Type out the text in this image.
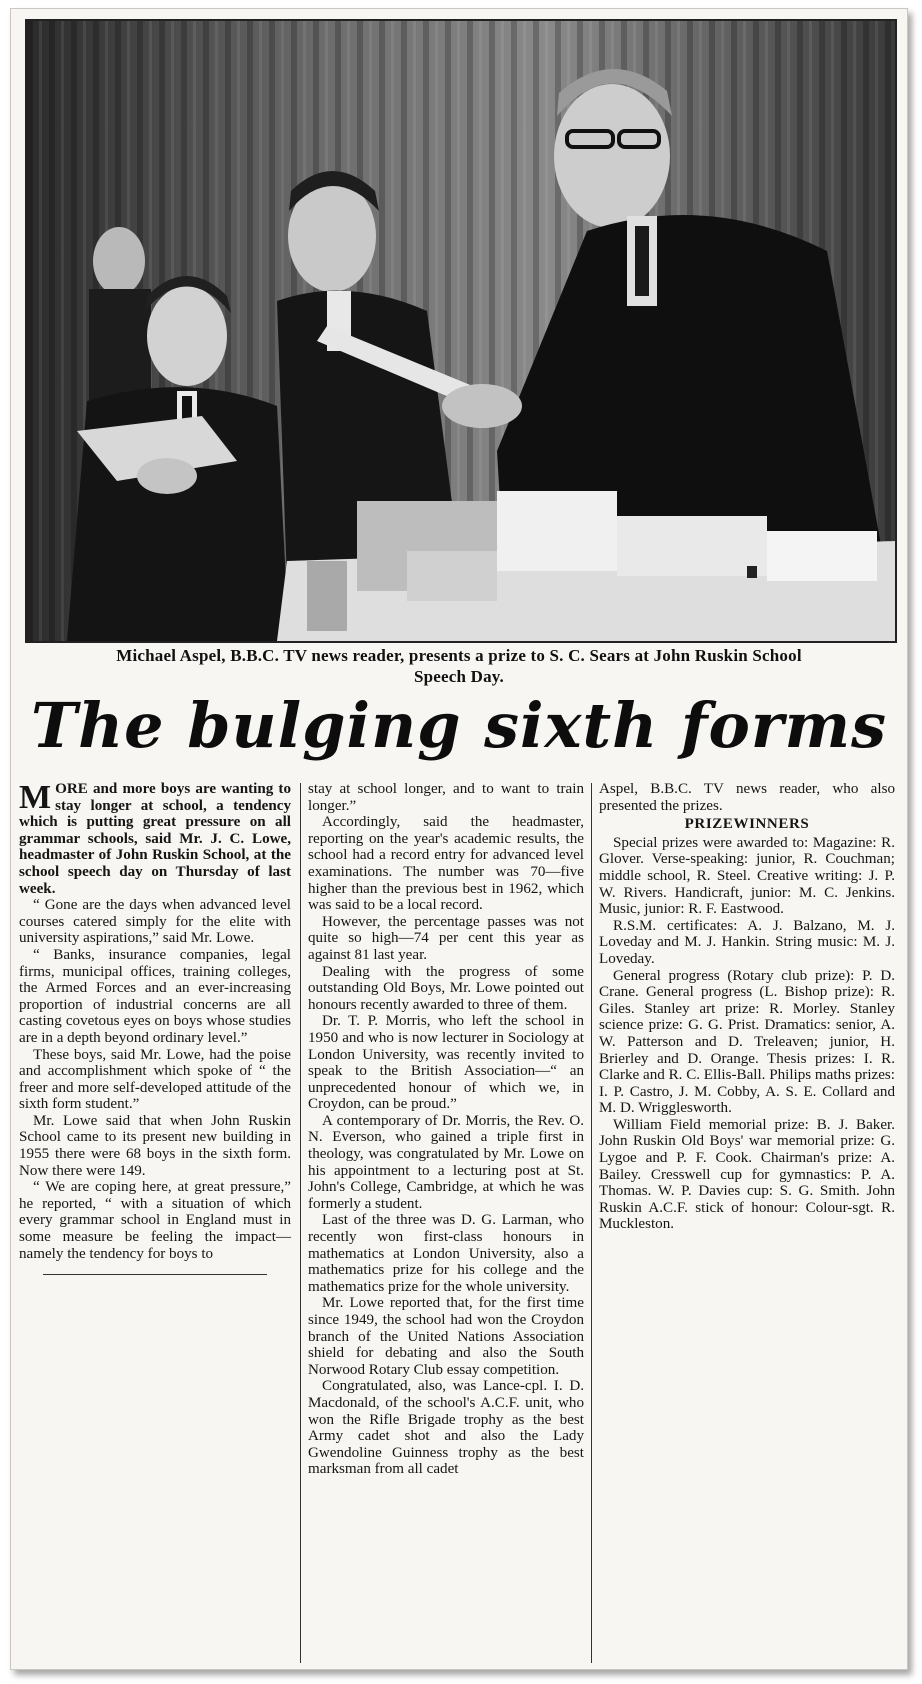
Michael Aspel, B.B.C. TV news reader, presents a prize to S. C. Sears at John Ruskin School
Speech Day.
The bulging sixth forms

MORE and more boys are wanting to stay longer at school, a tendency which is putting great pressure on all grammar schools, said Mr. J. C. Lowe, headmaster of John Ruskin School, at the school speech day on Thursday of last week.

“ Gone are the days when advanced level courses catered simply for the elite with university aspirations,” said Mr. Lowe.

“ Banks, insurance companies, legal firms, municipal offices, training colleges, the Armed Forces and an ever-increasing proportion of industrial concerns are all casting covetous eyes on boys whose studies are in a depth beyond ordinary level.”

These boys, said Mr. Lowe, had the poise and accomplishment which spoke of “ the freer and more self-developed attitude of the sixth form student.”

Mr. Lowe said that when John Ruskin School came to its present new building in 1955 there were 68 boys in the sixth form. Now there were 149.

“ We are coping here, at great pressure,” he reported, “ with a situation of which every grammar school in England must in some measure be feeling the impact—namely the tendency for boys to

stay at school longer, and to want to train longer.”

Accordingly, said the headmaster, reporting on the year's academic results, the school had a record entry for advanced level examinations. The number was 70—five higher than the previous best in 1962, which was said to be a local record.

However, the percentage passes was not quite so high—74 per cent this year as against 81 last year.

Dealing with the progress of some outstanding Old Boys, Mr. Lowe pointed out honours recently awarded to three of them.

Dr. T. P. Morris, who left the school in 1950 and who is now lecturer in Sociology at London University, was recently invited to speak to the British Association—“ an unprecedented honour of which we, in Croydon, can be proud.”

A contemporary of Dr. Morris, the Rev. O. N. Everson, who gained a triple first in theology, was congratulated by Mr. Lowe on his appointment to a lecturing post at St. John's College, Cambridge, at which he was formerly a student.

Last of the three was D. G. Larman, who recently won first-class honours in mathematics at London University, also a mathematics prize for his college and the mathematics prize for the whole university.

Mr. Lowe reported that, for the first time since 1949, the school had won the Croydon branch of the United Nations Association shield for debating and also the South Norwood Rotary Club essay competition.

Congratulated, also, was Lance-cpl. I. D. Macdonald, of the school's A.C.F. unit, who won the Rifle Brigade trophy as the best Army cadet shot and also the Lady Gwendoline Guinness trophy as the best marksman from all cadet

Aspel, B.B.C. TV news reader, who also presented the prizes.

PRIZEWINNERS

Special prizes were awarded to: Magazine: R. Glover. Verse-speaking: junior, R. Couchman; middle school, R. Steel. Creative writing: J. P. W. Rivers. Handicraft, junior: M. C. Jenkins. Music, junior: R. F. Eastwood.

R.S.M. certificates: A. J. Balzano, M. J. Loveday and M. J. Hankin. String music: M. J. Loveday.

General progress (Rotary club prize): P. D. Crane. General progress (L. Bishop prize): R. Giles. Stanley art prize: R. Morley. Stanley science prize: G. G. Prist. Dramatics: senior, A. W. Patterson and D. Treleaven; junior, H. Brierley and D. Orange. Thesis prizes: I. R. Clarke and R. C. Ellis-Ball. Philips maths prizes: I. P. Castro, J. M. Cobby, A. S. E. Collard and M. D. Wrigglesworth.

William Field memorial prize: B. J. Baker. John Ruskin Old Boys' war memorial prize: G. Lygoe and P. F. Cook. Chairman's prize: A. Bailey. Cresswell cup for gymnastics: P. A. Thomas. W. P. Davies cup: S. G. Smith. John Ruskin A.C.F. stick of honour: Colour-sgt. R. Muckleston.
